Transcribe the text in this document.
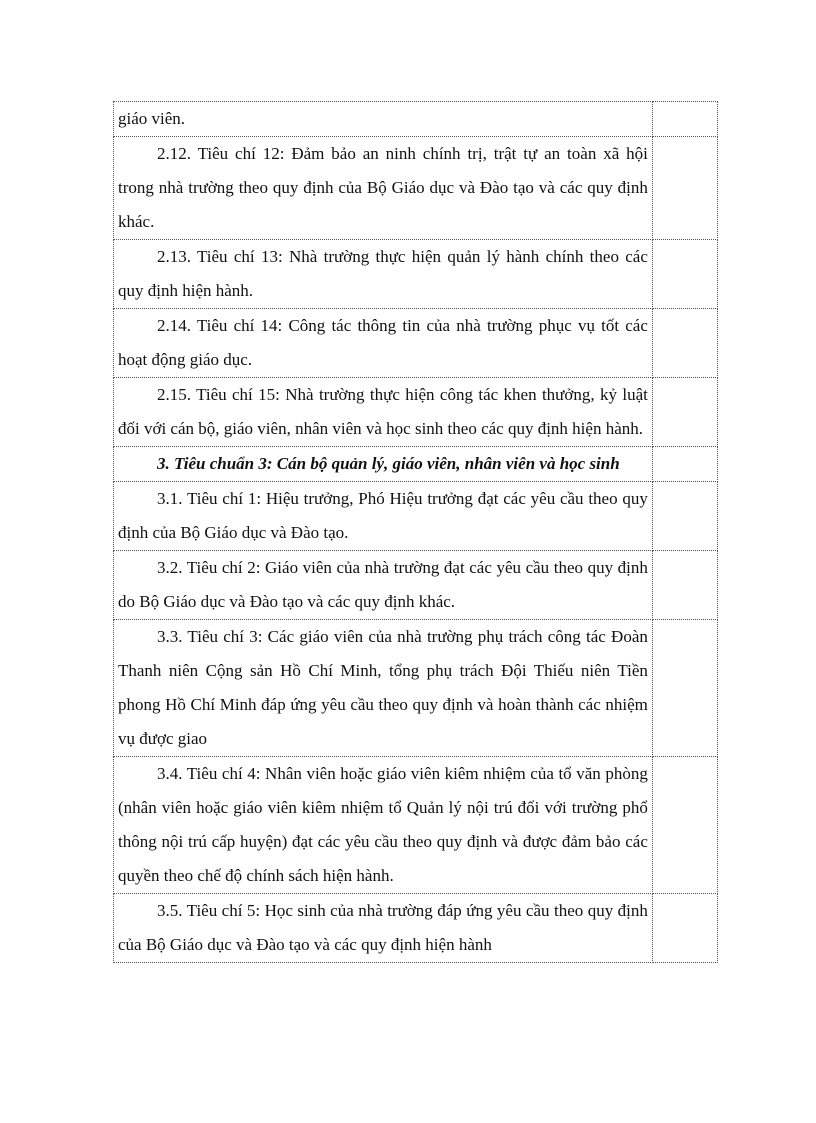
giáo viên.	

2.12. Tiêu chí 12: Đảm bảo an ninh chính trị, trật tự an toàn xã hội trong nhà trường theo quy định của Bộ Giáo dục và Đào tạo và các quy định khác.	

2.13. Tiêu chí 13: Nhà trường thực hiện quản lý hành chính theo các quy định hiện hành.	

2.14. Tiêu chí 14: Công tác thông tin của nhà trường phục vụ tốt các hoạt động giáo dục.	

2.15. Tiêu chí 15: Nhà trường thực hiện công tác khen thưởng, kỷ luật đối với cán bộ, giáo viên, nhân viên và học sinh theo các quy định hiện hành.	

3. Tiêu chuẩn 3: Cán bộ quản lý, giáo viên, nhân viên và học sinh	

3.1. Tiêu chí 1: Hiệu trưởng, Phó Hiệu trưởng đạt các yêu cầu theo quy định của Bộ Giáo dục và Đào tạo.	

3.2. Tiêu chí 2: Giáo viên của nhà trường đạt các yêu cầu theo quy định do Bộ Giáo dục và Đào tạo và các quy định khác.	

3.3. Tiêu chí 3: Các giáo viên của nhà trường phụ trách công tác Đoàn Thanh niên Cộng sản Hồ Chí Minh, tổng phụ trách Đội Thiếu niên Tiền phong Hồ Chí Minh đáp ứng yêu cầu theo quy định và hoàn thành các nhiệm vụ được giao	

3.4. Tiêu chí 4: Nhân viên hoặc giáo viên kiêm nhiệm của tổ văn phòng (nhân viên hoặc giáo viên kiêm nhiệm tổ Quản lý nội trú đối với trường phổ thông nội trú cấp huyện) đạt các yêu cầu theo quy định và được đảm bảo các quyền theo chế độ chính sách hiện hành.	

3.5. Tiêu chí 5: Học sinh của nhà trường đáp ứng yêu cầu theo quy định của Bộ Giáo dục và Đào tạo và các quy định hiện hành	
